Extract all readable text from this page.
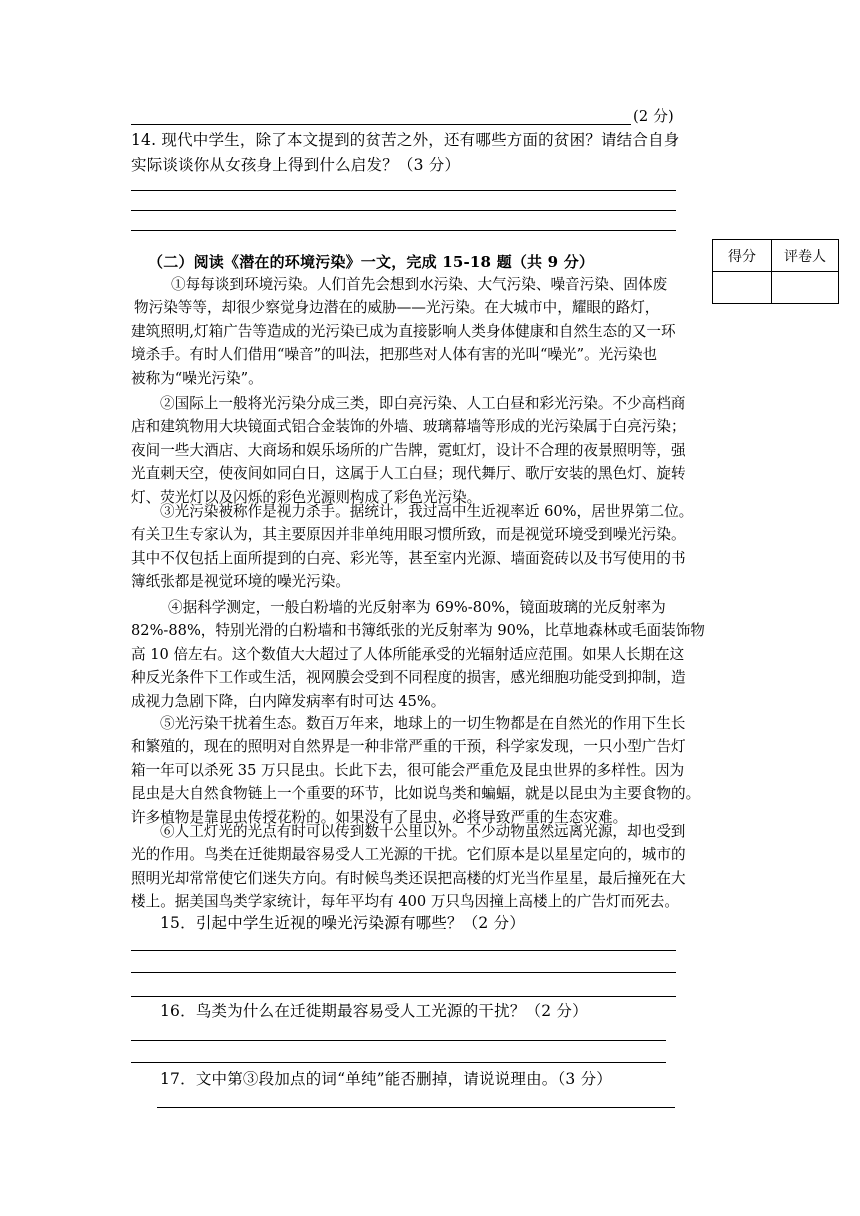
(2 分)
14. 现代中学生，除了本文提到的贫苦之外，还有哪些方面的贫困？请结合自身
实际谈谈你从女孩身上得到什么启发？（3 分）
得分	评卷人

（二）阅读《潜在的环境污染》一文，完成 15-18 题（共 9 分）
①每每谈到环境污染。人们首先会想到水污染、大气污染、噪音污染、固体废
物污染等等，却很少察觉身边潜在的威胁——光污染。在大城市中，耀眼的路灯，
建筑照明,灯箱广告等造成的光污染已成为直接影响人类身体健康和自然生态的又一环
境杀手。有时人们借用“噪音”的叫法，把那些对人体有害的光叫“噪光”。光污染也
被称为“噪光污染”。
②国际上一般将光污染分成三类，即白亮污染、人工白昼和彩光污染。不少高档商
店和建筑物用大块镜面式铝合金装饰的外墙、玻璃幕墙等形成的光污染属于白亮污染；
夜间一些大酒店、大商场和娱乐场所的广告牌，霓虹灯，设计不合理的夜景照明等，强
光直刺天空，使夜间如同白日，这属于人工白昼；现代舞厅、歌厅安装的黑色灯、旋转
灯、荧光灯以及闪烁的彩色光源则构成了彩色光污染。
③光污染被称作是视力杀手。据统计，我过高中生近视率近 60%，居世界第二位。
有关卫生专家认为，其主要原因并非单纯用眼习惯所致，而是视觉环境受到噪光污染。
其中不仅包括上面所提到的白亮、彩光等，甚至室内光源、墙面瓷砖以及书写使用的书
簿纸张都是视觉环境的噪光污染。
④据科学测定，一般白粉墙的光反射率为 69%-80%，镜面玻璃的光反射率为
82%-88%，特别光滑的白粉墙和书簿纸张的光反射率为 90%，比草地森林或毛面装饰物
高 10 倍左右。这个数值大大超过了人体所能承受的光辐射适应范围。如果人长期在这
种反光条件下工作或生活，视网膜会受到不同程度的损害，感光细胞功能受到抑制，造
成视力急剧下降，白内障发病率有时可达 45%。
⑤光污染干扰着生态。数百万年来，地球上的一切生物都是在自然光的作用下生长
和繁殖的，现在的照明对自然界是一种非常严重的干预，科学家发现，一只小型广告灯
箱一年可以杀死 35 万只昆虫。长此下去，很可能会严重危及昆虫世界的多样性。因为
昆虫是大自然食物链上一个重要的环节，比如说鸟类和蝙蝠，就是以昆虫为主要食物的。
许多植物是靠昆虫传授花粉的。如果没有了昆虫，必将导致严重的生态灾难。
⑥人工灯光的光点有时可以传到数十公里以外。不少动物虽然远离光源，却也受到
光的作用。鸟类在迁徙期最容易受人工光源的干扰。它们原本是以星星定向的，城市的
照明光却常常使它们迷失方向。有时候鸟类还误把高楼的灯光当作星星，最后撞死在大
楼上。据美国鸟类学家统计，每年平均有 400 万只鸟因撞上高楼上的广告灯而死去。
15．引起中学生近视的噪光污染源有哪些？（2 分）
16．鸟类为什么在迁徙期最容易受人工光源的干扰？（2 分）
17．文中第③段加点的词“单纯”能否删掉，请说说理由。（3 分）
